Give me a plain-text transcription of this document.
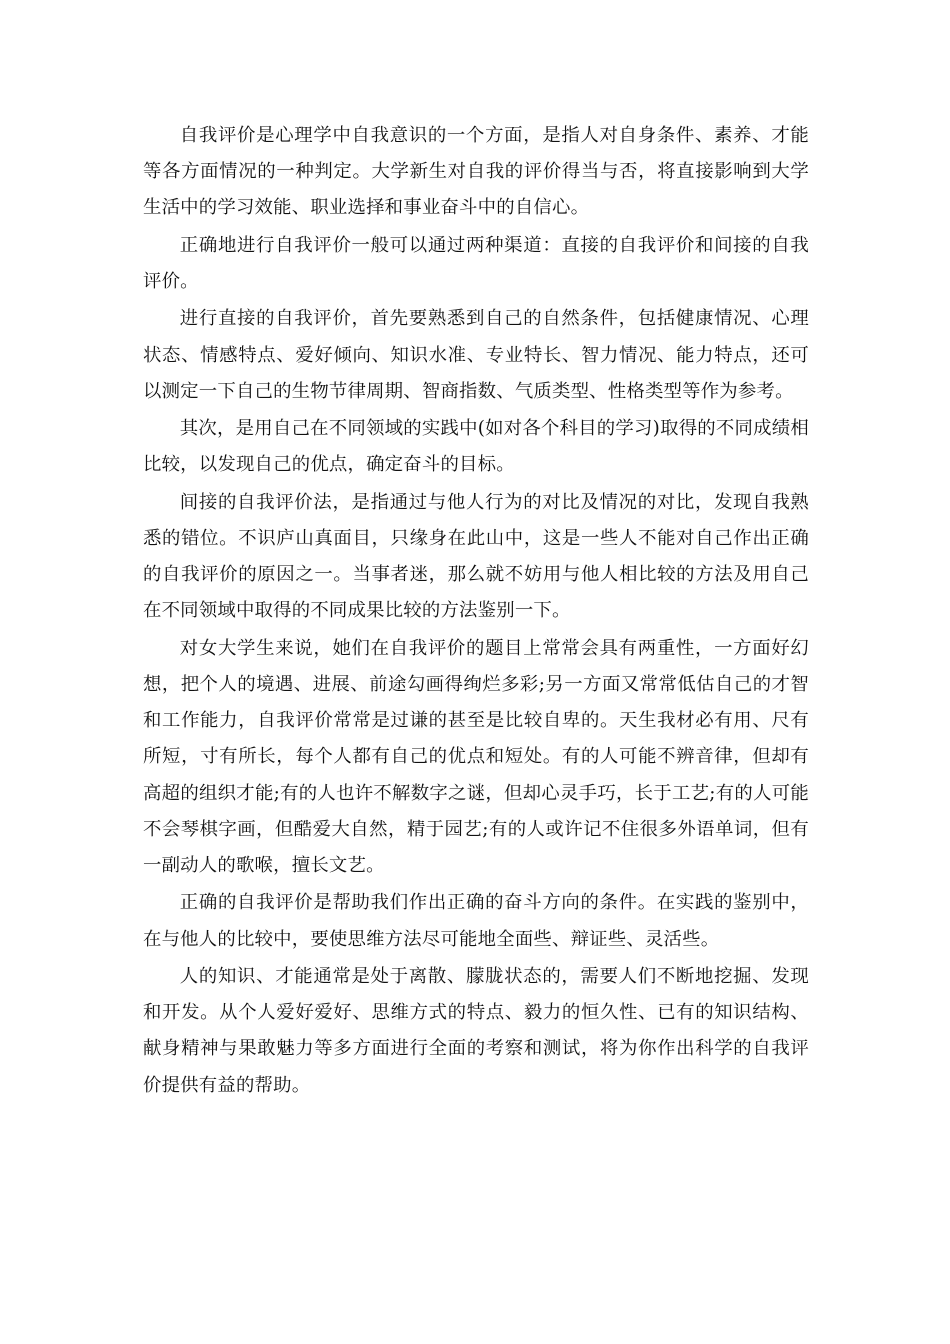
自我评价是心理学中自我意识的一个方面，是指人对自身条件、素养、才能等各方面情况的一种判定。大学新生对自我的评价得当与否，将直接影响到大学生活中的学习效能、职业选择和事业奋斗中的自信心。

正确地进行自我评价一般可以通过两种渠道：直接的自我评价和间接的自我评价。

进行直接的自我评价，首先要熟悉到自己的自然条件，包括健康情况、心理状态、情感特点、爱好倾向、知识水准、专业特长、智力情况、能力特点，还可以测定一下自己的生物节律周期、智商指数、气质类型、性格类型等作为参考。

其次，是用自己在不同领域的实践中(如对各个科目的学习)取得的不同成绩相比较，以发现自己的优点，确定奋斗的目标。

间接的自我评价法，是指通过与他人行为的对比及情况的对比，发现自我熟悉的错位。不识庐山真面目，只缘身在此山中，这是一些人不能对自己作出正确的自我评价的原因之一。当事者迷，那么就不妨用与他人相比较的方法及用自己在不同领域中取得的不同成果比较的方法鉴别一下。

对女大学生来说，她们在自我评价的题目上常常会具有两重性，一方面好幻想，把个人的境遇、进展、前途勾画得绚烂多彩;另一方面又常常低估自己的才智和工作能力，自我评价常常是过谦的甚至是比较自卑的。天生我材必有用、尺有所短，寸有所长，每个人都有自己的优点和短处。有的人可能不辨音律，但却有高超的组织才能;有的人也许不解数字之谜，但却心灵手巧，长于工艺;有的人可能不会琴棋字画，但酷爱大自然，精于园艺;有的人或许记不住很多外语单词，但有一副动人的歌喉，擅长文艺。

正确的自我评价是帮助我们作出正确的奋斗方向的条件。在实践的鉴别中，在与他人的比较中，要使思维方法尽可能地全面些、辩证些、灵活些。

人的知识、才能通常是处于离散、朦胧状态的，需要人们不断地挖掘、发现和开发。从个人爱好爱好、思维方式的特点、毅力的恒久性、已有的知识结构、献身精神与果敢魅力等多方面进行全面的考察和测试，将为你作出科学的自我评价提供有益的帮助。
